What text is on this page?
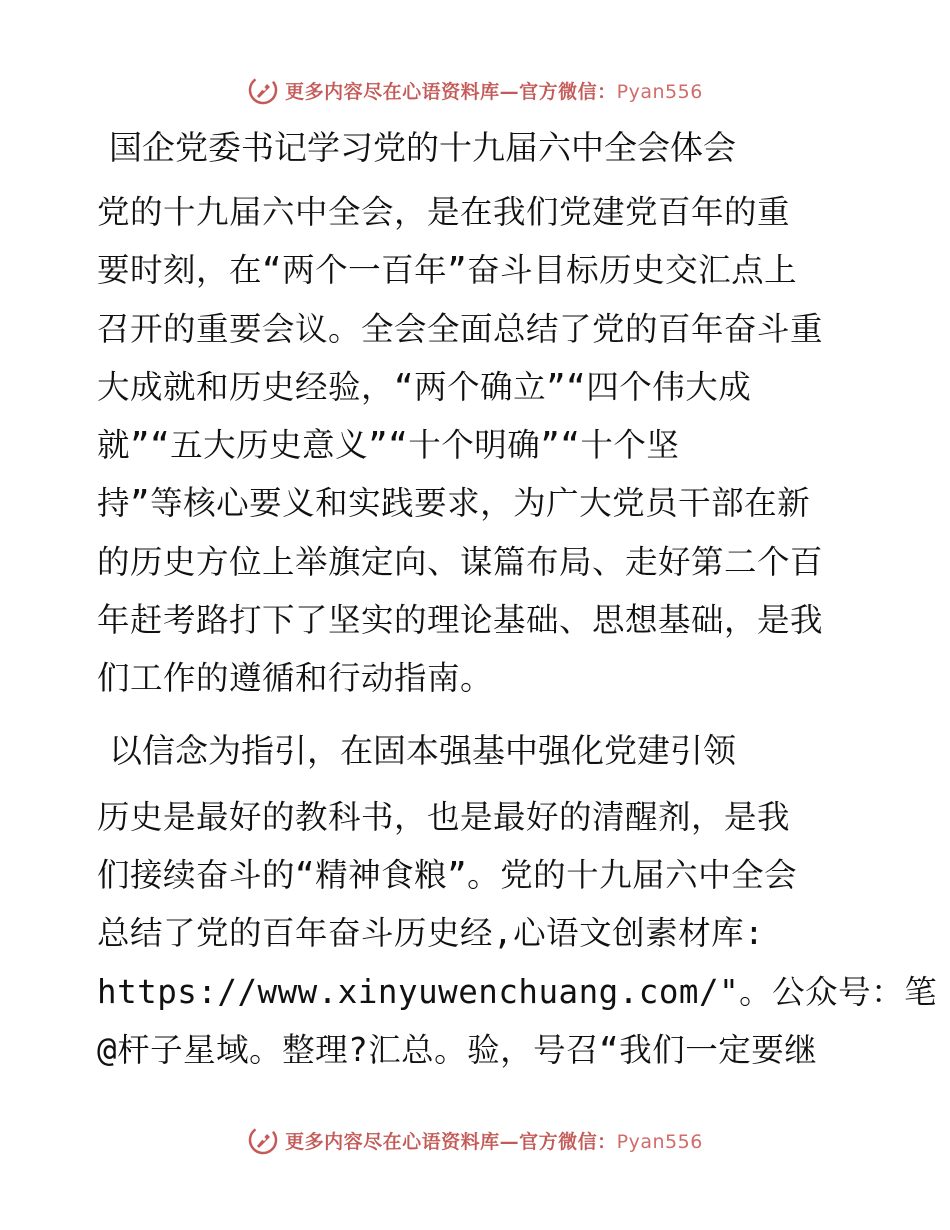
更多内容尽在心语资料库—官方微信：Pyan556
国企党委书记学习党的十九届六中全会体会
党的十九届六中全会，是在我们党建党百年的重
要时刻，在“两个一百年”奋斗目标历史交汇点上
召开的重要会议。全会全面总结了党的百年奋斗重
大成就和历史经验，“两个确立”“四个伟大成
就”“五大历史意义”“十个明确”“十个坚
持”等核心要义和实践要求，为广大党员干部在新
的历史方位上举旗定向、谋篇布局、走好第二个百
年赶考路打下了坚实的理论基础、思想基础，是我
们工作的遵循和行动指南。
以信念为指引，在固本强基中强化党建引领
历史是最好的教科书，也是最好的清醒剂，是我
们接续奋斗的“精神食粮”。党的十九届六中全会
总结了党的百年奋斗历史经,心语文创素材库:
https://www.xinyuwenchuang.com/"。公众号：笔
@杆子星域。整理?汇总。验，号召“我们一定要继
更多内容尽在心语资料库—官方微信：Pyan556
